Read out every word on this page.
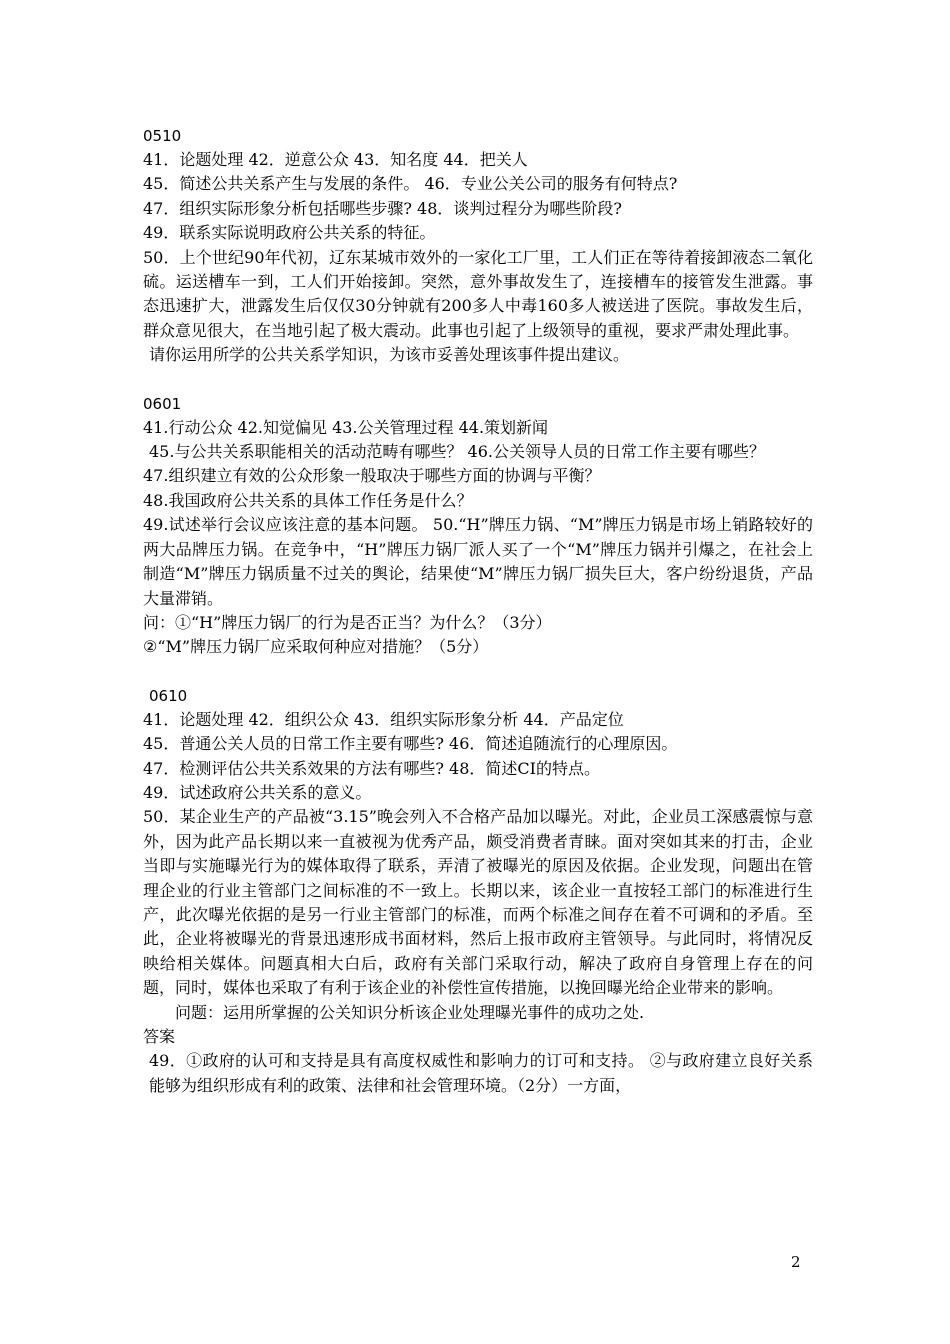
0510

41．论题处理 42．逆意公众 43．知名度 44．把关人

45．简述公共关系产生与发展的条件。 46．专业公关公司的服务有何特点?

47．组织实际形象分析包括哪些步骤? 48．谈判过程分为哪些阶段?

49．联系实际说明政府公共关系的特征。

50．上个世纪90年代初，辽东某城市效外的一家化工厂里，工人们正在等待着接卸液态二氧化硫。运送槽车一到，工人们开始接卸。突然，意外事故发生了，连接槽车的接管发生泄露。事态迅速扩大，泄露发生后仅仅30分钟就有200多人中毒160多人被送进了医院。事故发生后，群众意见很大，在当地引起了极大震动。此事也引起了上级领导的重视，要求严肃处理此事。

请你运用所学的公共关系学知识，为该市妥善处理该事件提出建议。

0601

41.行动公众 42.知觉偏见 43.公关管理过程 44.策划新闻

45.与公共关系职能相关的活动范畴有哪些？ 46.公关领导人员的日常工作主要有哪些？

47.组织建立有效的公众形象一般取决于哪些方面的协调与平衡？

48.我国政府公共关系的具体工作任务是什么？

49.试述举行会议应该注意的基本问题。 50.“H”牌压力锅、“M”牌压力锅是市场上销路较好的两大品牌压力锅。在竞争中，“H”牌压力锅厂派人买了一个“M”牌压力锅并引爆之，在社会上制造“M”牌压力锅质量不过关的舆论，结果使“M”牌压力锅厂损失巨大，客户纷纷退货，产品大量滞销。

问：①“H”牌压力锅厂的行为是否正当？为什么？（3分）

②“M”牌压力锅厂应采取何种应对措施？（5分）

0610

41．论题处理 42．组织公众 43．组织实际形象分析 44．产品定位

45．普通公关人员的日常工作主要有哪些? 46．简述追随流行的心理原因。

47．检测评估公共关系效果的方法有哪些? 48．简述CI的特点。

49．试述政府公共关系的意义。

50．某企业生产的产品被“3.15”晚会列入不合格产品加以曝光。对此，企业员工深感震惊与意外，因为此产品长期以来一直被视为优秀产品，颇受消费者青睐。面对突如其来的打击，企业当即与实施曝光行为的媒体取得了联系，弄清了被曝光的原因及依据。企业发现，问题出在管理企业的行业主管部门之间标准的不一致上。长期以来，该企业一直按轻工部门的标准进行生产，此次曝光依据的是另一行业主管部门的标准，而两个标准之间存在着不可调和的矛盾。至此，企业将被曝光的背景迅速形成书面材料，然后上报市政府主管领导。与此同时，将情况反映给相关媒体。问题真相大白后，政府有关部门采取行动，解决了政府自身管理上存在的问题，同时，媒体也采取了有利于该企业的补偿性宣传措施，以挽回曝光给企业带来的影响。

问题：运用所掌握的公关知识分析该企业处理曝光事件的成功之处.

答案

49．①政府的认可和支持是具有高度权威性和影响力的订可和支持。 ②与政府建立良好关系能够为组织形成有利的政策、法律和社会管理环境。（2分）一方面，

2
